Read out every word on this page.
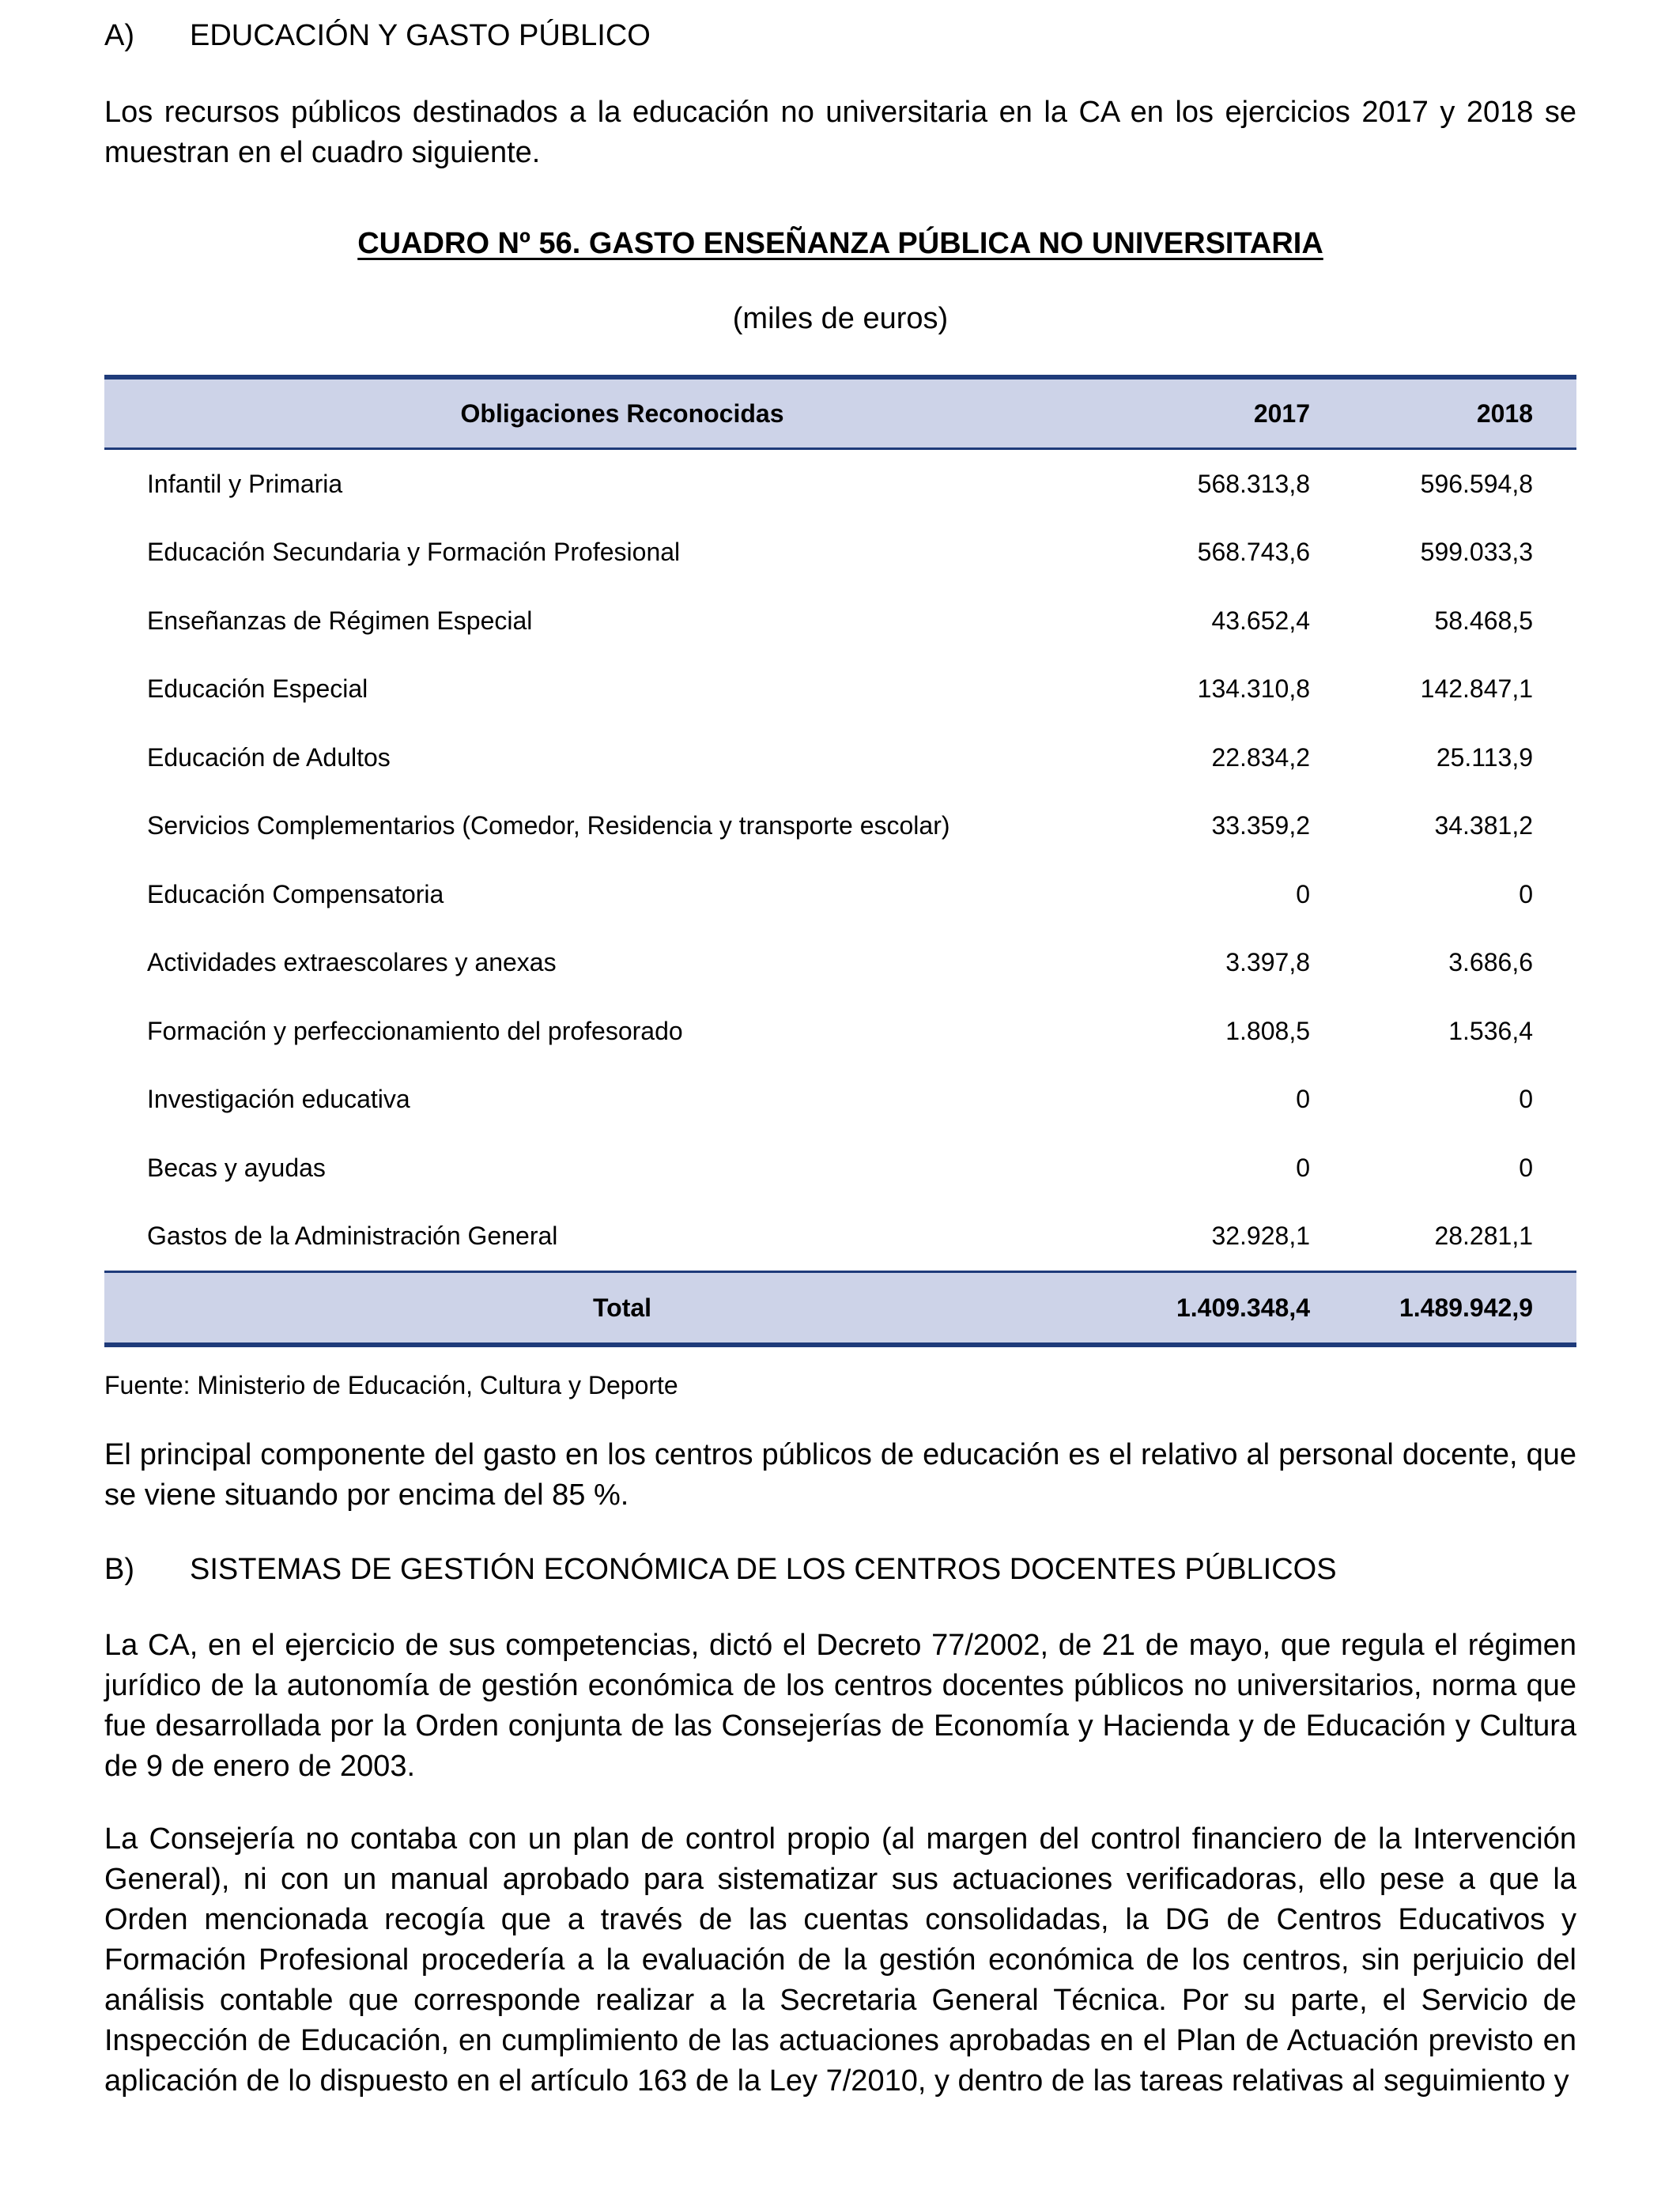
A) EDUCACIÓN Y GASTO PÚBLICO

Los recursos públicos destinados a la educación no universitaria en la CA en los ejercicios 2017 y 2018 se muestran en el cuadro siguiente.

CUADRO Nº 56. GASTO ENSEÑANZA PÚBLICA NO UNIVERSITARIA
(miles de euros)
Obligaciones Reconocidas	2017	2018
Infantil y Primaria	568.313,8	596.594,8
Educación Secundaria y Formación Profesional	568.743,6	599.033,3
Enseñanzas de Régimen Especial	43.652,4	58.468,5
Educación Especial	134.310,8	142.847,1
Educación de Adultos	22.834,2	25.113,9
Servicios Complementarios (Comedor, Residencia y transporte escolar)	33.359,2	34.381,2
Educación Compensatoria	0	0
Actividades extraescolares y anexas	3.397,8	3.686,6
Formación y perfeccionamiento del profesorado	1.808,5	1.536,4
Investigación educativa	0	0
Becas y ayudas	0	0
Gastos de la Administración General	32.928,1	28.281,1
Total	1.409.348,4	1.489.942,9
Fuente: Ministerio de Educación, Cultura y Deporte

El principal componente del gasto en los centros públicos de educación es el relativo al personal docente, que se viene situando por encima del 85 %.

B) SISTEMAS DE GESTIÓN ECONÓMICA DE LOS CENTROS DOCENTES PÚBLICOS

La CA, en el ejercicio de sus competencias, dictó el Decreto 77/2002, de 21 de mayo, que regula el régimen jurídico de la autonomía de gestión económica de los centros docentes públicos no universitarios, norma que fue desarrollada por la Orden conjunta de las Consejerías de Economía y Hacienda y de Educación y Cultura de 9 de enero de 2003.

La Consejería no contaba con un plan de control propio (al margen del control financiero de la Intervención General), ni con un manual aprobado para sistematizar sus actuaciones verificadoras, ello pese a que la Orden mencionada recogía que a través de las cuentas consolidadas, la DG de Centros Educativos y Formación Profesional procedería a la evaluación de la gestión económica de los centros, sin perjuicio del análisis contable que corresponde realizar a la Secretaria General Técnica. Por su parte, el Servicio de Inspección de Educación, en cumplimiento de las actuaciones aprobadas en el Plan de Actuación previsto en aplicación de lo dispuesto en el artículo 163 de la Ley 7/2010, y dentro de las tareas relativas al seguimiento y
